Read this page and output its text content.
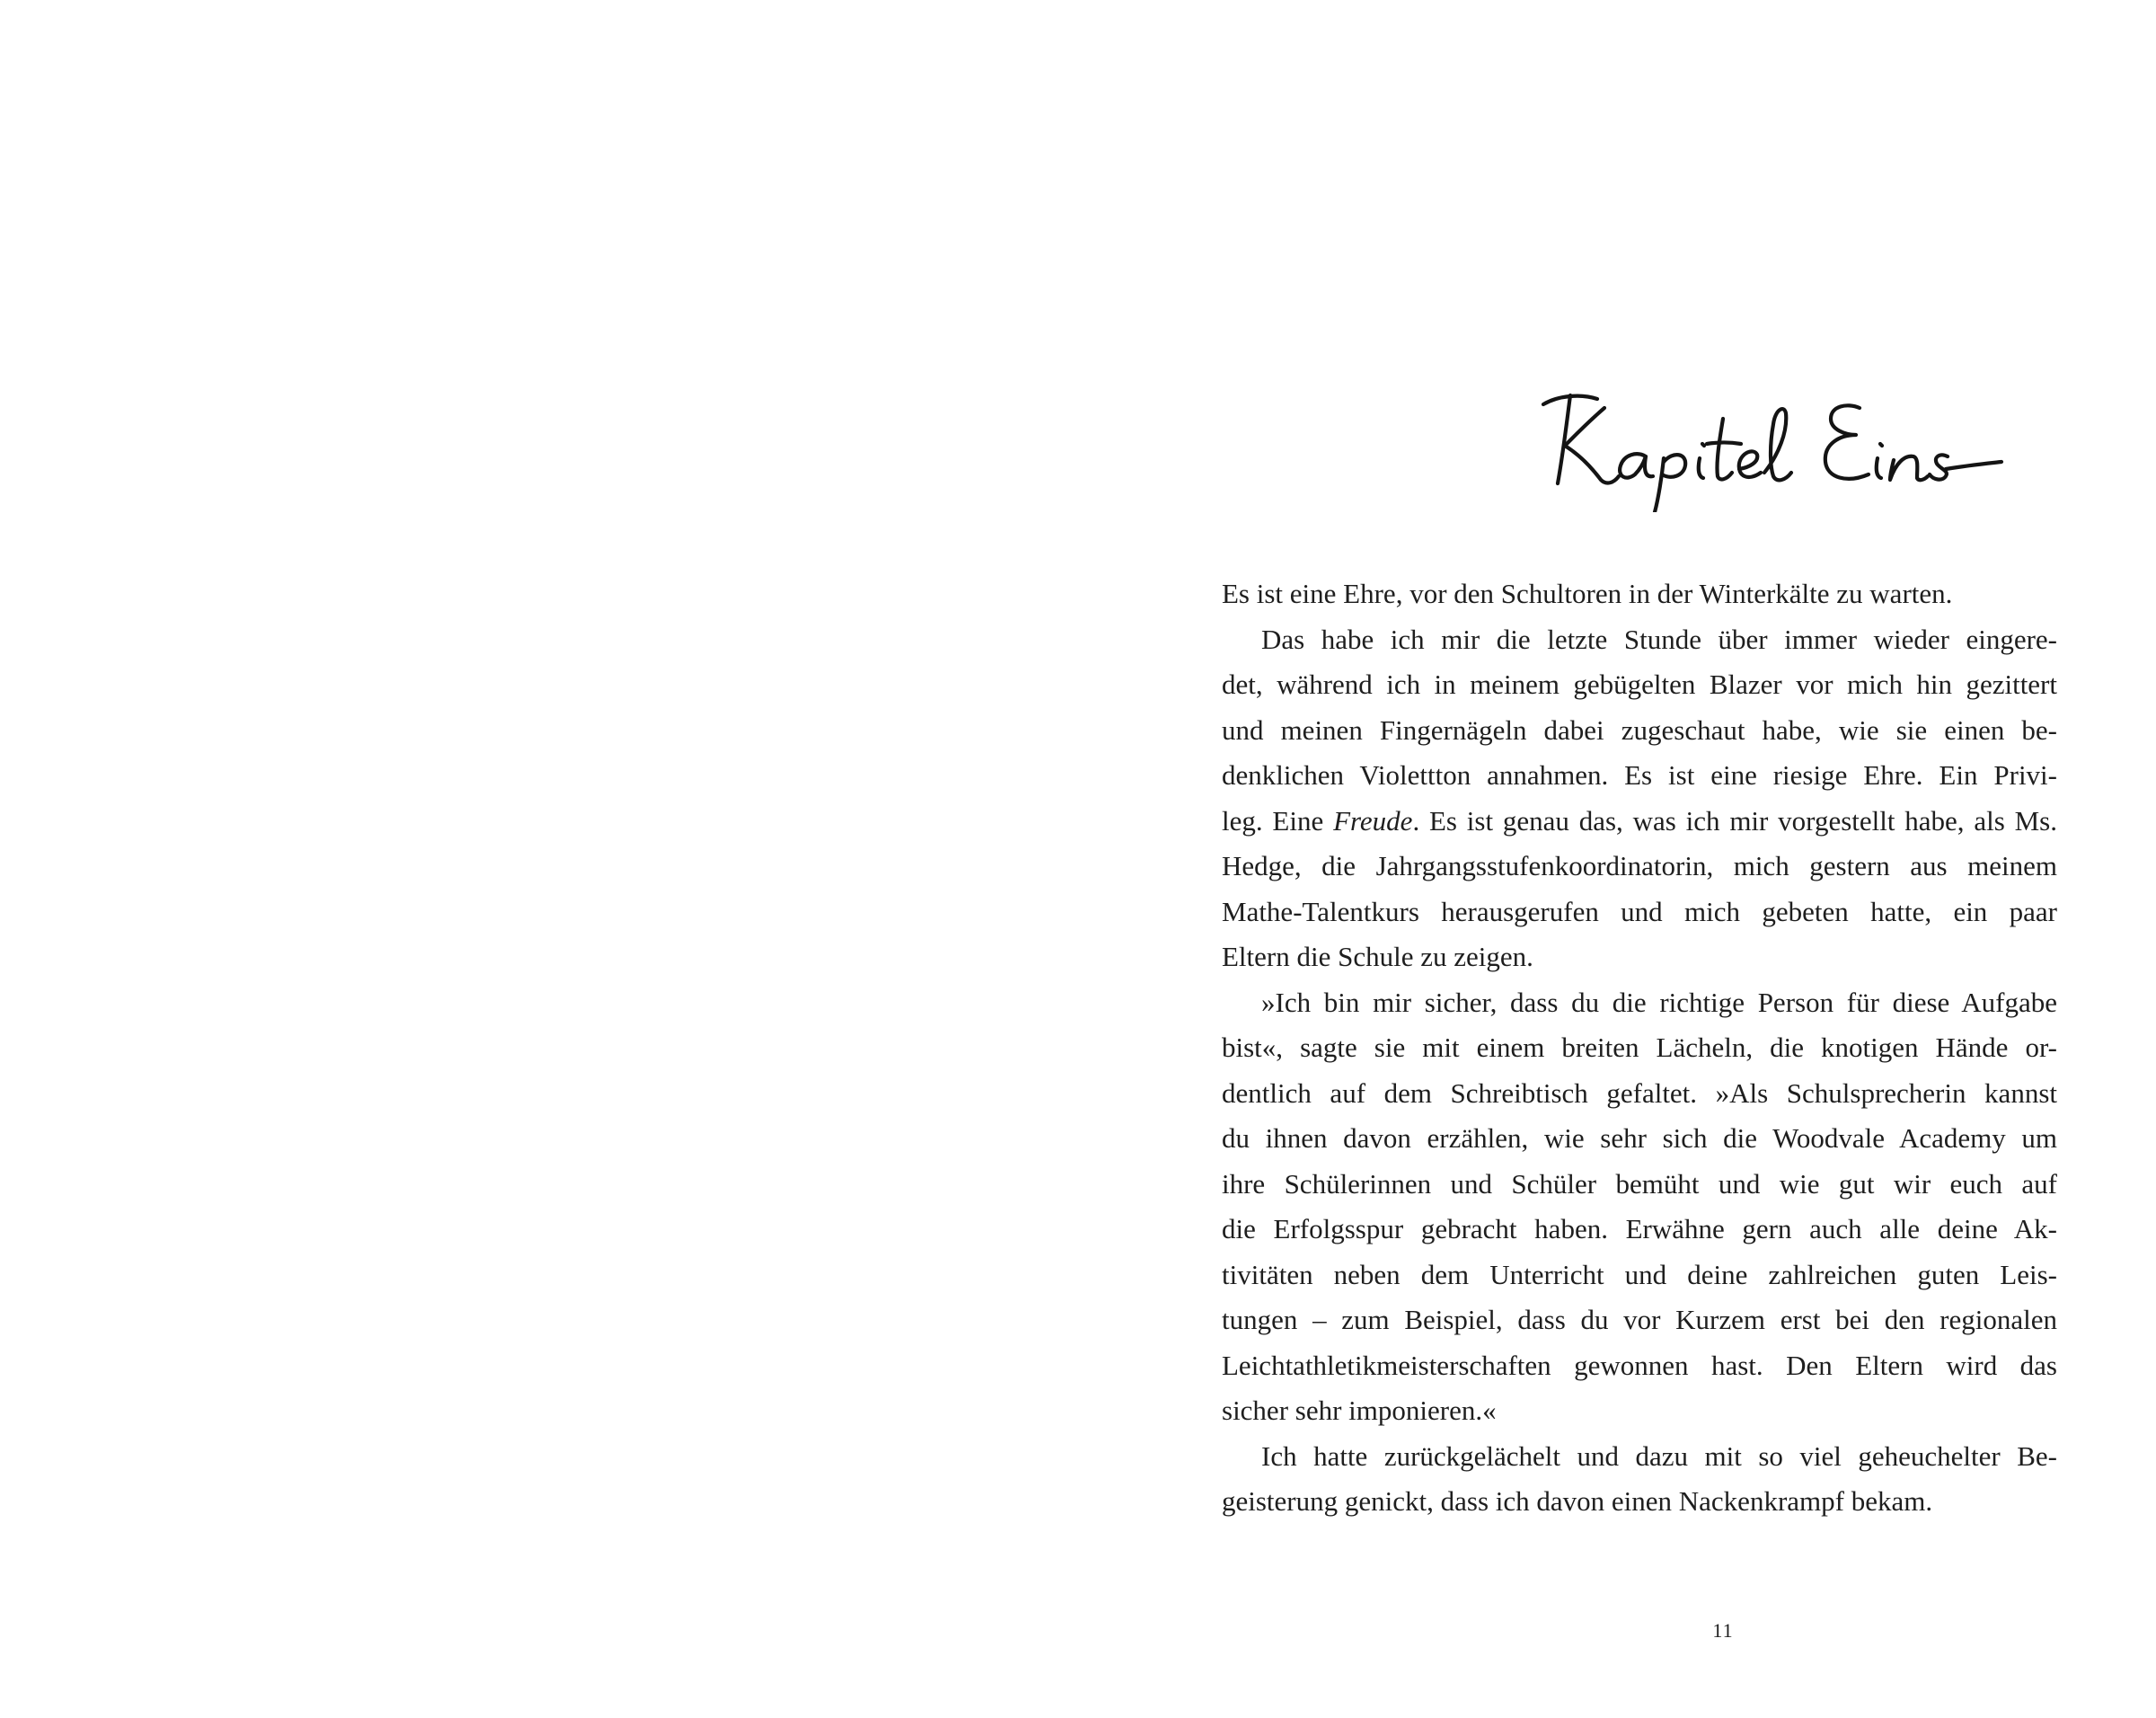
Es ist eine Ehre, vor den Schultoren in der Winterkälte zu warten.
Das habe ich mir die letzte Stunde über immer wieder eingere-
det, während ich in meinem gebügelten Blazer vor mich hin gezittert
und meinen Fingernägeln dabei zugeschaut habe, wie sie einen be-
denklichen Violettton annahmen. Es ist eine riesige Ehre. Ein Privi-
leg. Eine Freude. Es ist genau das, was ich mir vorgestellt habe, als Ms.
Hedge, die Jahrgangsstufenkoordinatorin, mich gestern aus meinem
Mathe-Talentkurs herausgerufen und mich gebeten hatte, ein paar
Eltern die Schule zu zeigen.
»Ich bin mir sicher, dass du die richtige Person für diese Aufgabe
bist«, sagte sie mit einem breiten Lächeln, die knotigen Hände or-
dentlich auf dem Schreibtisch gefaltet. »Als Schulsprecherin kannst
du ihnen davon erzählen, wie sehr sich die Woodvale Academy um
ihre Schülerinnen und Schüler bemüht und wie gut wir euch auf
die Erfolgsspur gebracht haben. Erwähne gern auch alle deine Ak-
tivitäten neben dem Unterricht und deine zahlreichen guten Leis-
tungen – zum Beispiel, dass du vor Kurzem erst bei den regionalen
Leichtathletikmeisterschaften gewonnen hast. Den Eltern wird das
sicher sehr imponieren.«
Ich hatte zurückgelächelt und dazu mit so viel geheuchelter Be-
geisterung genickt, dass ich davon einen Nackenkrampf bekam.
11
